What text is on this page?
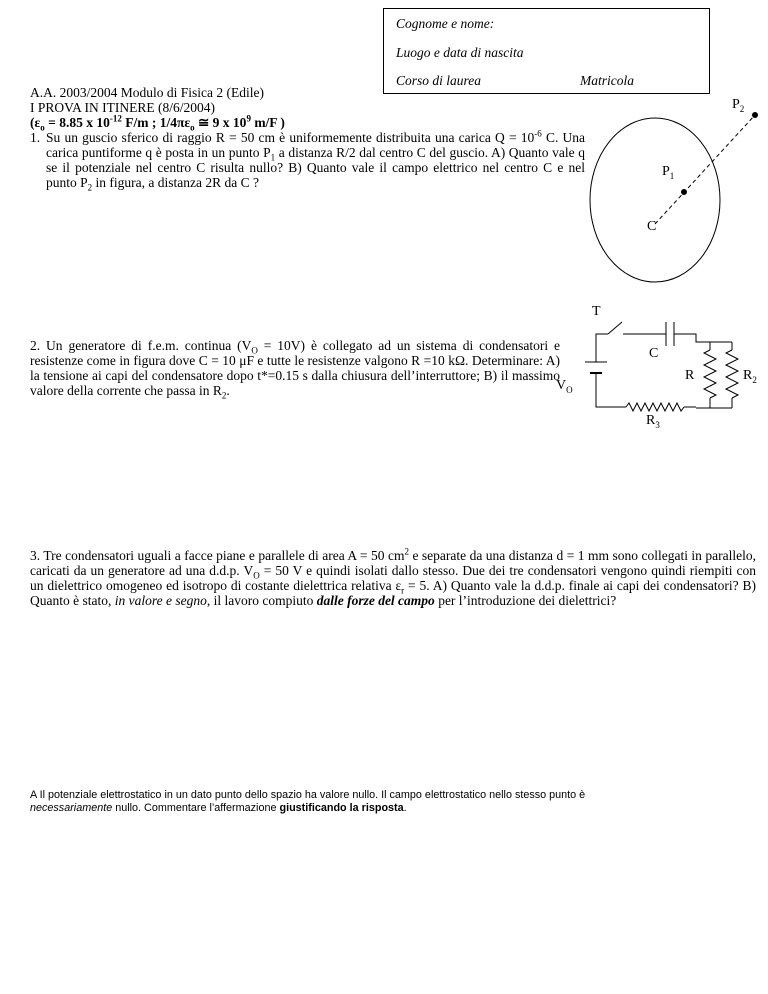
Cognome e nome:
Luogo e data di nascita
Corso di laurea	Matricola
A.A. 2003/2004 Modulo di Fisica 2 (Edile)
I PROVA IN ITINERE (8/6/2004)
($\varepsilon_o = 8.85$ x $10^{-12}$ F/m ; $1/4\pi\varepsilon_o$ ≅ 9 x $10^9$ m/F )
1. Su un guscio sferico di raggio R = 50 cm è uniformemente distribuita una carica $Q = 10^{-6}$ C. Una carica puntiforme q è posta in un punto $P_1$ a distanza R/2 dal centro C del guscio. A) Quanto vale q se il potenziale nel centro C risulta nullo? B) Quanto vale il campo elettrico nel centro C e nel punto $P_2$ in figura, a distanza 2R da C ?

$P_2$
$P_1$
C
2. Un generatore di f.e.m. continua $(V_O = 10V)$ è collegato ad un sistema di condensatori e resistenze come in figura dove C = 10 μF e tutte le resistenze valgono R =10 kΩ. Determinare: A) la tensione ai capi del condensatore dopo t*=0.15 s dalla chiusura dell’interruttore; B) il massimo valore della corrente che passa in $R_2$.
T
C
R	$R_2$
$V_O$
$R_3$
3. Tre condensatori uguali a facce piane e parallele di area A = 50 $cm^2$ e separate da una distanza d = 1 mm sono collegati in parallelo, caricati da un generatore ad una d.d.p. $V_O = 50$ V e quindi isolati dallo stesso. Due dei tre condensatori vengono quindi riempiti con un dielettrico omogeneo ed isotropo di costante dielettrica relativa $\varepsilon_r = 5$. A) Quanto vale la d.d.p. finale ai capi dei condensatori? B) Quanto è stato, in valore e segno, il lavoro compiuto dalle forze del campo per l’introduzione dei dielettrici?
A Il potenziale elettrostatico in un dato punto dello spazio ha valore nullo. Il campo elettrostatico nello stesso punto è necessariamente nullo. Commentare l’affermazione giustificando la risposta.
